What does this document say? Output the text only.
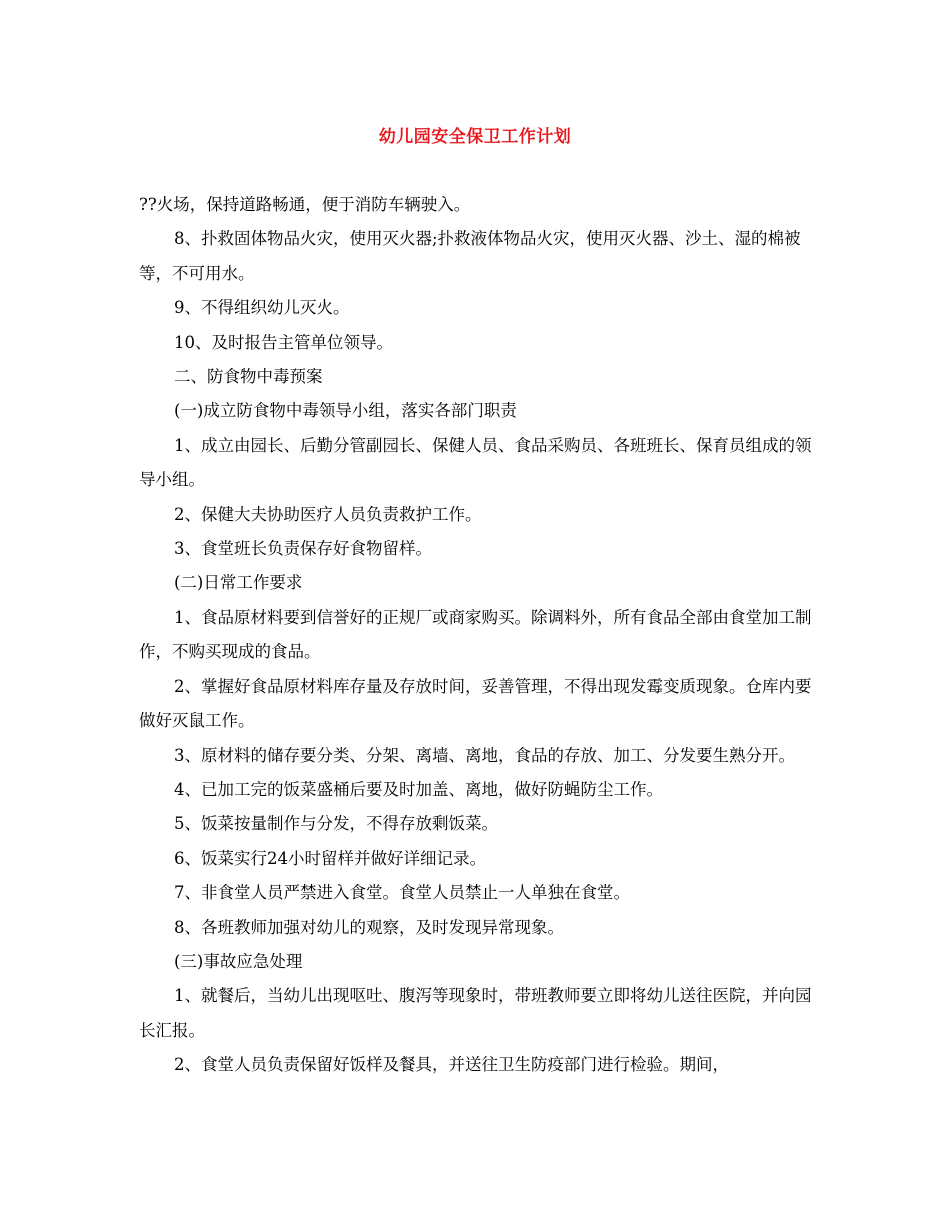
幼儿园安全保卫工作计划

??火场，保持道路畅通，便于消防车辆驶入。

8、扑救固体物品火灾，使用灭火器;扑救液体物品火灾，使用灭火器、沙土、湿的棉被等，不可用水。

9、不得组织幼儿灭火。

10、及时报告主管单位领导。

二、防食物中毒预案

(一)成立防食物中毒领导小组，落实各部门职责

1、成立由园长、后勤分管副园长、保健人员、食品采购员、各班班长、保育员组成的领导小组。

2、保健大夫协助医疗人员负责救护工作。

3、食堂班长负责保存好食物留样。

(二)日常工作要求

1、食品原材料要到信誉好的正规厂或商家购买。除调料外，所有食品全部由食堂加工制作，不购买现成的食品。

2、掌握好食品原材料库存量及存放时间，妥善管理，不得出现发霉变质现象。仓库内要做好灭鼠工作。

3、原材料的储存要分类、分架、离墙、离地，食品的存放、加工、分发要生熟分开。

4、已加工完的饭菜盛桶后要及时加盖、离地，做好防蝇防尘工作。

5、饭菜按量制作与分发，不得存放剩饭菜。

6、饭菜实行24小时留样并做好详细记录。

7、非食堂人员严禁进入食堂。食堂人员禁止一人单独在食堂。

8、各班教师加强对幼儿的观察，及时发现异常现象。

(三)事故应急处理

1、就餐后，当幼儿出现呕吐、腹泻等现象时，带班教师要立即将幼儿送往医院，并向园长汇报。

2、食堂人员负责保留好饭样及餐具，并送往卫生防疫部门进行检验。期间，
